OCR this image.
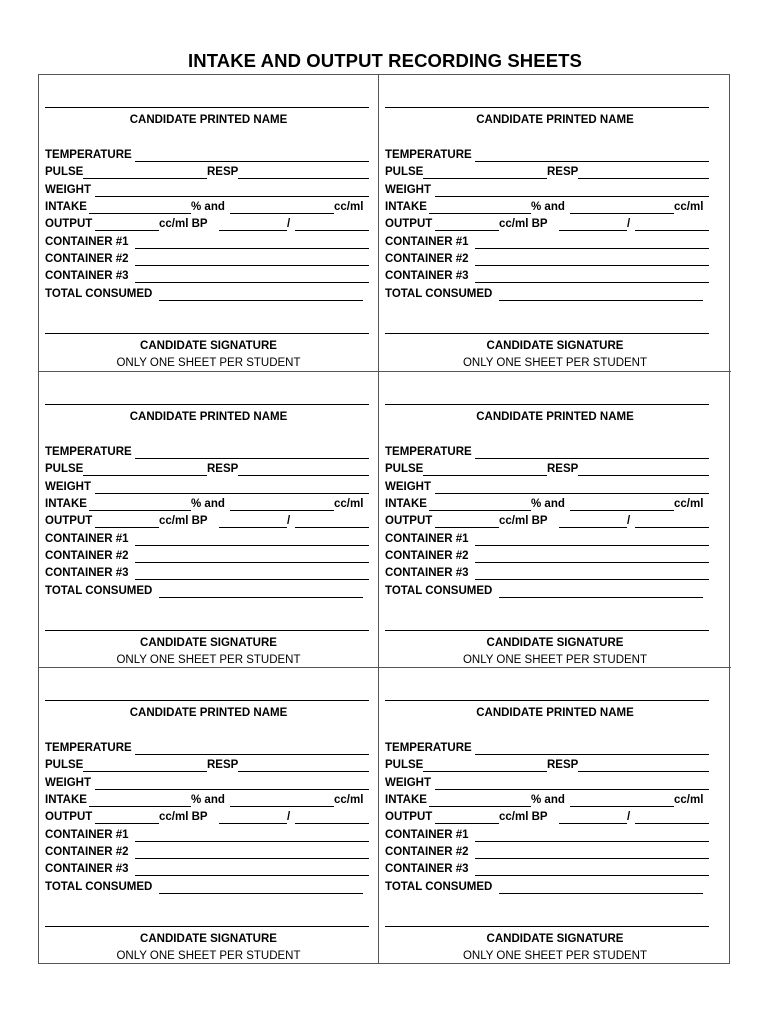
INTAKE AND OUTPUT RECORDING SHEETS
CANDIDATE PRINTED NAME
TEMPERATURE
PULSE	RESP
WEIGHT
INTAKE	% and	cc/ml
OUTPUT	cc/ml BP	/
CONTAINER #1
CONTAINER #2
CONTAINER #3
TOTAL CONSUMED
CANDIDATE SIGNATURE
ONLY ONE SHEET PER STUDENT
CANDIDATE PRINTED NAME
TEMPERATURE
PULSE	RESP
WEIGHT
INTAKE	% and	cc/ml
OUTPUT	cc/ml BP	/
CONTAINER #1
CONTAINER #2
CONTAINER #3
TOTAL CONSUMED
CANDIDATE SIGNATURE
ONLY ONE SHEET PER STUDENT
CANDIDATE PRINTED NAME
TEMPERATURE
PULSE	RESP
WEIGHT
INTAKE	% and	cc/ml
OUTPUT	cc/ml BP	/
CONTAINER #1
CONTAINER #2
CONTAINER #3
TOTAL CONSUMED
CANDIDATE SIGNATURE
ONLY ONE SHEET PER STUDENT
CANDIDATE PRINTED NAME
TEMPERATURE
PULSE	RESP
WEIGHT
INTAKE	% and	cc/ml
OUTPUT	cc/ml BP	/
CONTAINER #1
CONTAINER #2
CONTAINER #3
TOTAL CONSUMED
CANDIDATE SIGNATURE
ONLY ONE SHEET PER STUDENT
CANDIDATE PRINTED NAME
TEMPERATURE
PULSE	RESP
WEIGHT
INTAKE	% and	cc/ml
OUTPUT	cc/ml BP	/
CONTAINER #1
CONTAINER #2
CONTAINER #3
TOTAL CONSUMED
CANDIDATE SIGNATURE
ONLY ONE SHEET PER STUDENT
CANDIDATE PRINTED NAME
TEMPERATURE
PULSE	RESP
WEIGHT
INTAKE	% and	cc/ml
OUTPUT	cc/ml BP	/
CONTAINER #1
CONTAINER #2
CONTAINER #3
TOTAL CONSUMED
CANDIDATE SIGNATURE
ONLY ONE SHEET PER STUDENT
